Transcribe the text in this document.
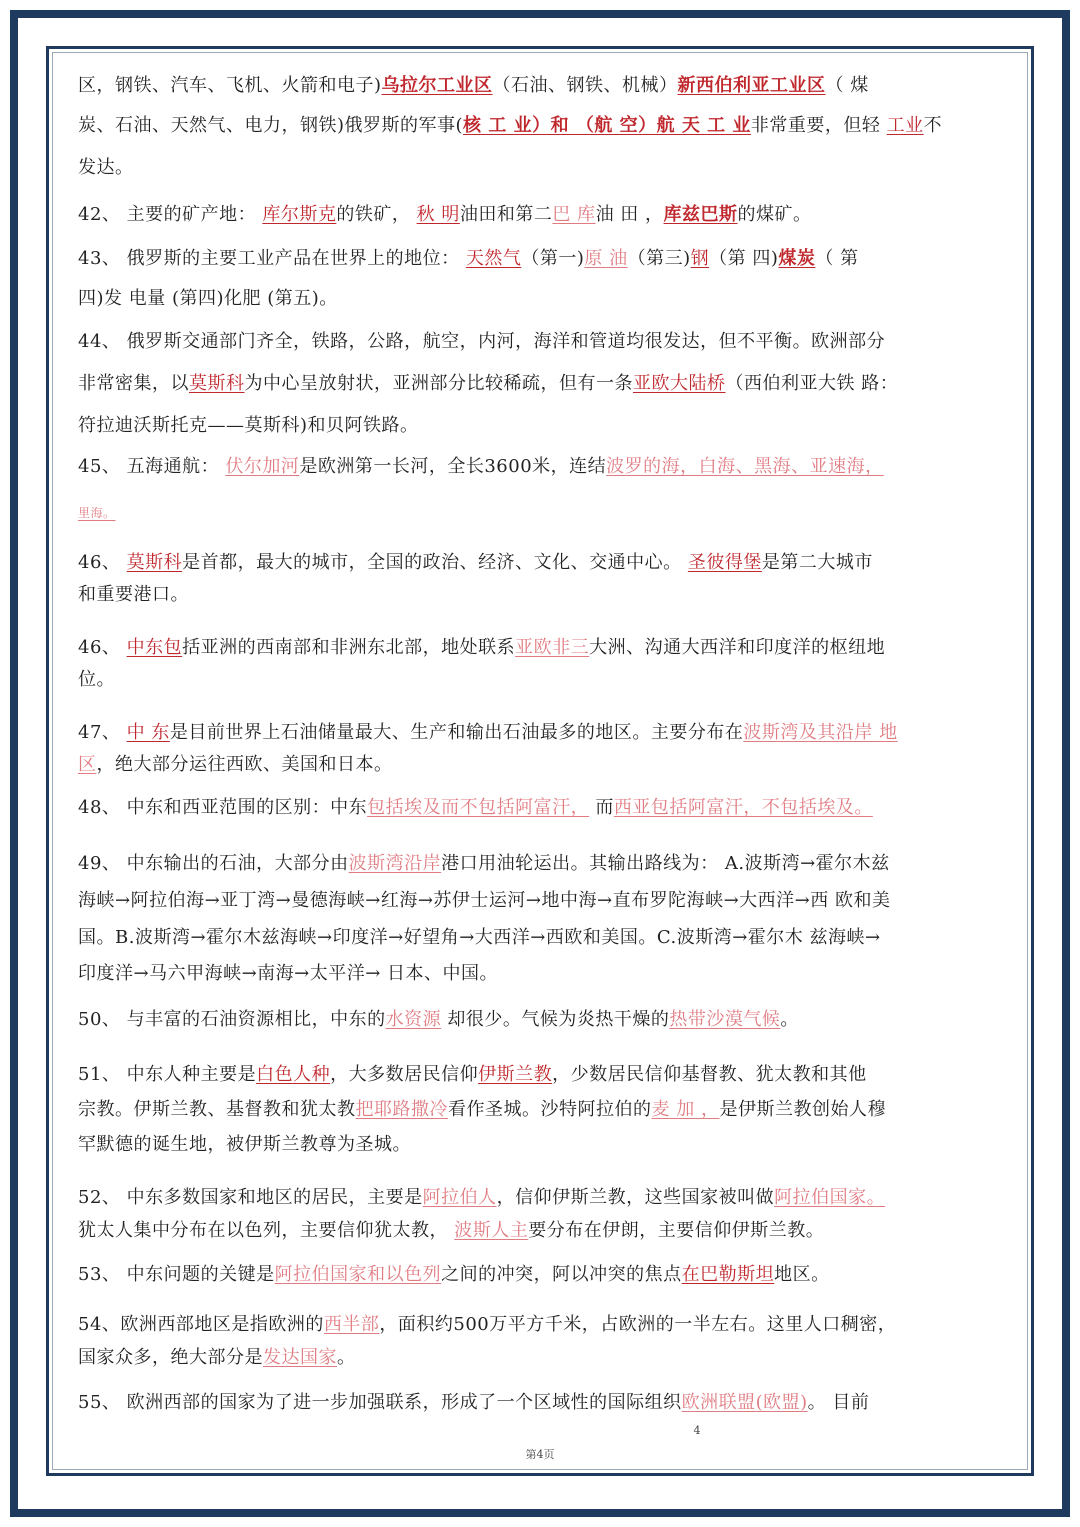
区，钢铁、汽车、飞机、火箭和电子)乌拉尔工业区（石油、钢铁、机械）新西伯利亚工业区（ 煤
炭、石油、天然气、电力，钢铁)俄罗斯的军事(核 工 业）和 （航 空）航 天 工 业非常重要，但轻 工业不
发达。
42、 主要的矿产地： 库尔斯克的铁矿， 秋 明油田和第二巴 库油 田 ，库兹巴斯的煤矿。
43、 俄罗斯的主要工业产品在世界上的地位： 天然气（第一)原 油（第三)钢（第 四)煤炭（ 第
四)发 电量 (第四)化肥 (第五)。
44、 俄罗斯交通部门齐全，铁路，公路，航空，内河，海洋和管道均很发达，但不平衡。欧洲部分
非常密集，以莫斯科为中心呈放射状，亚洲部分比较稀疏，但有一条亚欧大陆桥（西伯利亚大铁 路：
符拉迪沃斯托克——莫斯科)和贝阿铁路。
45、 五海通航： 伏尔加河是欧洲第一长河，全长3600米，连结波罗的海，白海、黑海、亚速海，
里海。
46、 莫斯科是首都，最大的城市，全国的政治、经济、文化、交通中心。 圣彼得堡是第二大城市
和重要港口。
46、 中东包括亚洲的西南部和非洲东北部，地处联系亚欧非三大洲、沟通大西洋和印度洋的枢纽地
位。
47、 中 东是目前世界上石油储量最大、生产和输出石油最多的地区。主要分布在波斯湾及其沿岸 地
区，绝大部分运往西欧、美国和日本。
48、 中东和西亚范围的区别：中东包括埃及而不包括阿富汗， 而西亚包括阿富汗，不包括埃及。
49、 中东输出的石油，大部分由波斯湾沿岸港口用油轮运出。其输出路线为： A.波斯湾→霍尔木兹
海峡→阿拉伯海→亚丁湾→曼德海峡→红海→苏伊士运河→地中海→直布罗陀海峡→大西洋→西 欧和美
国。B.波斯湾→霍尔木兹海峡→印度洋→好望角→大西洋→西欧和美国。C.波斯湾→霍尔木 兹海峡→
印度洋→马六甲海峡→南海→太平洋→ 日本、中国。
50、 与丰富的石油资源相比，中东的水资源 却很少。气候为炎热干燥的热带沙漠气候。
51、 中东人种主要是白色人种，大多数居民信仰伊斯兰教，少数居民信仰基督教、犹太教和其他
宗教。伊斯兰教、基督教和犹太教把耶路撒冷看作圣城。沙特阿拉伯的麦 加 ，是伊斯兰教创始人穆
罕默德的诞生地，被伊斯兰教尊为圣城。
52、 中东多数国家和地区的居民，主要是阿拉伯人，信仰伊斯兰教，这些国家被叫做阿拉伯国家。
犹太人集中分布在以色列，主要信仰犹太教， 波斯人主要分布在伊朗，主要信仰伊斯兰教。
53、 中东问题的关键是阿拉伯国家和以色列之间的冲突，阿以冲突的焦点在巴勒斯坦地区。
54、欧洲西部地区是指欧洲的西半部，面积约500万平方千米，占欧洲的一半左右。这里人口稠密，
国家众多，绝大部分是发达国家。
55、 欧洲西部的国家为了进一步加强联系，形成了一个区域性的国际组织欧洲联盟(欧盟)。 目前
4
第4页
